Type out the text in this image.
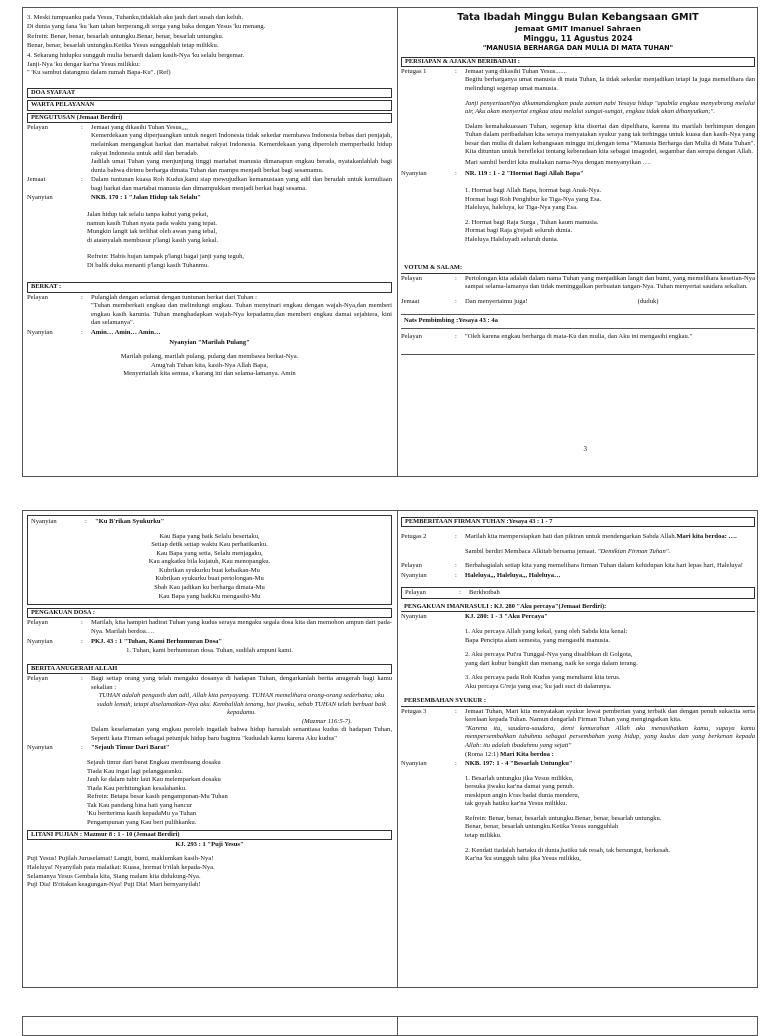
3. Meski tumpuanku pada Yesus, Tuhanku,tidaklah aku jauh dari susah dan keluh.
Di dunia yang fana 'ku 'kan tahan berperang,di sorga yang baka dengan Yesus 'ku menang.
Refrein: Benar, benar, besarlah untungku.Benar, benar, besarlah untungku.
Benar, benar, besarlah untungku.Ketika Yesus sungguhlah tetap milikku.
4. Sekarang hidupku sungguh mulia benardi dalam kasih-Nya 'ku selalu bergemar.
Janji-Nya 'ku dengar kar'na Yesus milikku:
" 'Ku sambut datangmu dalam rumah Bapa-Ku". (Ref)
DOA SYAFAAT
WARTA PELAYANAN
PENGUTUSAN (Jemaat Berdiri)
Pelayan	:	Jemaat yang dikasihi Tuhan Yesus,,,,
Kemerdekaan yang diperjuangkan untuk negeri Indonesia tidak sekedar membawa Indonesia bebas dari penjajah, melainkan mengangkat harkat dan martabat rakyat Indonesia. Kemerdekaan yang diperoleh memperbaiki hidup rakyat Indonesia untuk adil dan beradab.
Jadilah umat Tuhan yang menjunjung tinggi martabat manusia dimanapun engkau berada, nyatakanlahlah bagi dunia bahwa dirimu berharga dimata Tuhan dan mampu menjadi berkat bagi sesamamu.
Jemaat	:	Dalam tuntunan kuasa Roh Kudus,kami siap mewujudkan kemanusiaan yang adil dan beradab untuk kemuliaan bagi harkat dan martabat manusia dan dimampukkan menjadi berkat bagi sesama.
Nyanyian	NKB. 170 : 1 "Jalan Hidup tak Selalu"
Jalan hidup tak selalu tanpa kabut yang pekat,
namun kasih Tuhan nyata pada waktu yang tepat.
Mungkin langit tak terlihat oleh awan yang tebal,
di atasnyalah membusur p'langi kasih yang kekal.
Refrein: Habis hujan tampak p'langi bagai janji yang teguh,
Di balik duka menanti p'langi kasih Tuhanmu.
BERKAT :
Pelayan	:	Pulanglah dengan selamat dengan tuntunan berkat dari Tuhan :
"Tuhan memberkati engkau dan melindungi engkau. Tuhan menyinari engkau dengan wajah-Nya,dan memberi engkau kasih karunia. Tuhan menghadapkan wajah-Nya kepadamu,dan memberi engkau damai sejahtera, kini dan selamanya".
Nyanyian	:	Amin… Amin… Amin…
Nyanyian "Marilah Pulang"
Marilah pulang, marilah pulang, pulang dan membawa berkat-Nya.
Anug'rah Tuhan kita, kasih-Nya Allah Bapa,
Menyertailah kita semua, s'karang ini dan selama-lamanya. Amin
Tata Ibadah Minggu Bulan Kebangsaan GMIT
Jemaat GMIT Imanuel Sahraen
Minggu, 11 Agustus 2024
"MANUSIA BERHARGA DAN MULIA DI MATA TUHAN"
PERSIAPAN & AJAKAN BERIBADAH :
Petugas 1	:	Jemaat yang dikasihi Tuhan Yesus.......
Begitu berharganya umat manusia di mata Tuhan, Ia tidak sekedar menjadikan tetapi Ia juga memelihara dan melindungi segenap umat manusia.
Janji penyertaanNya dikumandangkan pada zaman nabi Yesaya hidup "apabila engkau menyebrang melalui air, Aku akan menyertai engkau atau melalui sungai-sungai, engkau tidak akan dihanyutkan;".
Dalam kemahakuasaan Tuhan, segenap kita disertai dan dipelihara, karena itu marilah berhimpun dengan Tuhan dalam peribadahan kita seraya menyatakan syukur yang tak terhingga untuk kuasa dan kasih-Nya yang besar dan mulia di dalam kebangsaan minggu ini,dengan tema "Manusia Berharga dan Mulia di Mata Tuhan". Kita dituntun untuk berefleksi tentang keberadaan kita sebagai imagodei, segambar dan serupa dengan Allah.
Mari sambil berdiri kita muliakan nama-Nya dengan menyanyikan ….
Nyanyian	:	NR. 119 : 1 - 2 "Hormat Bagi Allah Bapa"
1. Hormat bagi Allah Bapa, hormat bagi Anak-Nya.
Hormat bagi Roh Penghibur ke Tiga-Nya yang Esa.
Haleluya, haleluya, ke Tiga-Nya yang Esa.
2. Hormat bagi Raja Surga , Tuhan kaum manusia.
Hormat bagi Raja g'rejadi seluruh dunia.
Haleluya Haleluyadi seluruh dunia.
VOTUM & SALAM:
Pelayan	:	Pertolongan kita adalah dalam nama Tuhan yang menjadikan langit dan bumi, yang memelihara kesetian-Nya sampai selama-lamanya dan tidak meninggalkan perbuatan tangan-Nya. Tuhan menyertai saudara sekalian.
Jemaat	:	Dan menyertaimu juga!	(duduk)
Nats Pembimbing :Yesaya 43 : 4a
Pelayan	:	"Oleh karena engkau berharga di mata-Ku dan mulia, dan Aku ini mengasihi engkau."
3
Nyanyian	:	"Ku B'rikan Syukurku"
Kau Bapa yang baik Selalu besertaku,
Setiap detik setiap waktu Kau perhatikanku.
Kau Bapa yang setia, Selalu menjagaku,
Kau angkatku bila kujatuh, Kau menopangku.
Kubrikan syukurku buat kebaikan-Mu
Kubrikan syukurku buat pertolongan-Mu
Sbab Kau jadikan ku berharga dimata-Mu
Kau Bapa yang baikKu mengasihi-Mu
PENGAKUAN DOSA :
Pelayan	:	Marilah, kita hampiri hadirat Tuhan yang kudus seraya mengaku segala dosa kita dan memohon ampun dari pada-Nya. Marilah berdoa….
Nyanyian	:	PKJ. 43 : 1 "Tuhan, Kami Berhumuran Dosa"
1. Tuhan, kami berhumuran dosa. Tuhan, sudilah ampuni kami.
BERITA ANUGERAH ALLAH
Pelayan	:	Bagi setiap orang yang telah mengaku dosanya di hadapan Tuhan, dengarkanlah berita anugerah bagi kamu sekalian :
TUHAN adalah pengasih dan adil, Allah kita penyayang. TUHAN memelihara orang-orang sederhana; aku sudah lemah, tetapi diselamatkan-Nya aku. Kembalilah tenang, hai jiwaku, sebab TUHAN telah berbuat baik kepadamu.
(Mazmur 116:5-7).
Dalam keselamatan yang engkau peroleh ingatlah bahwa hidup haruslah senantiasa kudus di hadapan Tuhan, Seperti kata Firman sebagai petunjuk hidup baru bagimu "kuduslah kamu karena Aku kudus"
Nyanyian	:	"Sejauh Timur Dari Barat"
Sejauh timur dari barat Engkau membuang dosaku
Tiada Kau ingat lagi pelanggaranku.
Jauh ke dalam tubir laut Kau melemparkan dosaku
Tiada Kau perhitungkan kesalahanku.
Refrein: Betapa besar kasih pengampunan-Mu Tuhan
Tak Kau pandang hina hati yang hancur
'Ku bertterima kasih kepadaMu ya Tuhan
Pengampunan yang Kau beri pulihkanku.
LITANI PUJIAN : Mazmur 8 : 1 - 10 (Jemaat Berdiri)
KJ. 293 : 1 "Puji Yesus"
Puji Yesus! Pujilah Juruselamat! Langit, bumi, maklumkan kasih-Nya!
Haleluya! Nyanyilah para malaikat: Kuasa, hormat b'rilah kepada-Nya.
Selamanya Yesus Gembala kita, Siang malam kita didukung-Nya.
Puji Dia! B'ritakan keagungan-Nya! Puji Dia! Mari bernyanyilah!
PEMBERITAAN FIRMAN TUHAN :Yesaya 43 : 1 - 7
Petugas 2	:	Marilah kita mempersiapkan hati dan pikiran untuk mendengarkan Sabda Allah.Mari kita berdoa: ….
Sambil berdiri Membaca Alkitab bersama jemaat. "Demikian Firman Tuhan".
Pelayan	:	Berbahagialah setiap kita yang memelihara firman Tuhan dalam kehidupan kita hari lepas hari, Haleluya!
Nyanyian	:	Haleluya,,, Haleluya,,, Haleluya…
Pelayan	:	Berkhotbah
PENGAKUAN IMANRASULI : KJ. 280 "Aku percaya"(Jemaat Berdiri):
Nyanyian	KJ. 280: 1 - 3 "Aku Percaya"
1. Aku percaya Allah yang kekal, yang oleh Sabda kita kenal:
Bapa Pencipta alam semesta, yang mengasihi manusia.
2. Aku percaya Put'ra Tunggal-Nya yang disalibkan di Golgota,
yang dari kubur bangkit dan menang, naik ke sorga dalam terang.
3. Aku percaya pada Roh Kudus yang mendiami kita terus.
Aku percaya G'reja yang esa; 'ku jadi suci di dalamnya.
PERSEMBAHAN SYUKUR :
Petugas 3	:	Jemaat Tuhan, Mari kita menyatakan syukur lewat pemberian yang terbaik dan dengan penuh sukacita serta kerelaan kepada Tuhan. Namun dengarlah Firman Tuhan yang mengingatkan kita.
"Karena itu, saudara-saudara, demi kemurahan Allah aku menasihatkan kamu, supaya kamu mempersembahkan tubuhmu sebagai persembahan yang hidup, yang kudus dan yang berkenan kepada Allah: itu adalah ibadahmu yang sejati"
(Roma 12:1) Mari Kita berdoa :
Nyanyian	:	NKB. 197: 1 - 4 "Besarlah Untungku"
1. Besarlah untungku jika Yesus milikku,
bersuka jiwaku kar'na damai yang penuh.
meskipun angin k'ras badai dunia menderu,
tak goyah hatiku kar'na Yesus milikku.
Refrein: Benar, benar, besarlah untungku.Benar, benar, besarlah untungku.
Benar, benar, besarlah untungku.Ketika Yesus sungguhlah
tetap milikku.
2. Kendati tiadalah hartaku di dunia,hatiku tak resah, tak bersungut, berkesah.
Kar'na 'ku sungguh tahu jika Yesus milikku,
